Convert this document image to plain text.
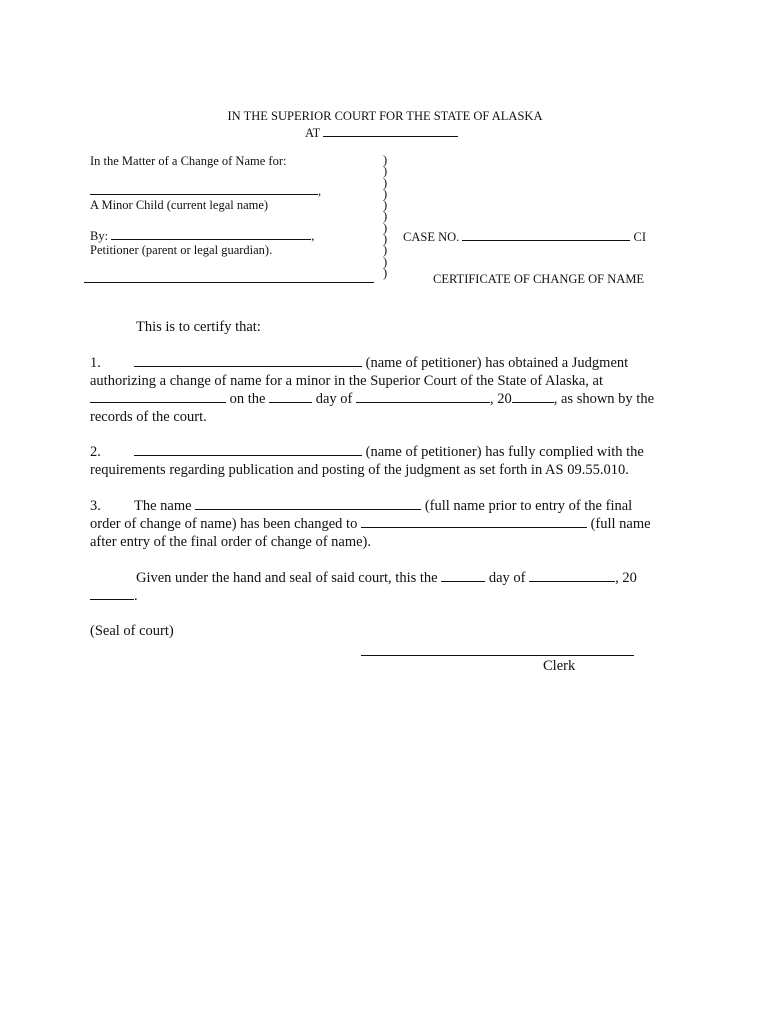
IN THE SUPERIOR COURT FOR THE STATE OF ALASKA
AT
In the Matter of a Change of Name for:
,
A Minor Child (current legal name)
By:	,
Petitioner (parent or legal guardian).
)
)
)
)
)
)
)
)
)
)
)
CASE NO.	CI
CERTIFICATE OF CHANGE OF NAME
This is to certify that:
1.	(name of petitioner) has obtained a Judgment
authorizing a change of name for a minor in the Superior Court of the State of Alaska, at
on the	day of	, 20	, as shown by the
records of the court.
2.	(name of petitioner) has fully complied with the
requirements regarding publication and posting of the judgment as set forth in AS 09.55.010.
3. The name	(full name prior to entry of the final
order of change of name) has been changed to	(full name
after entry of the final order of change of name).
Given under the hand and seal of said court, this the	day of	, 20
.
(Seal of court)
Clerk
